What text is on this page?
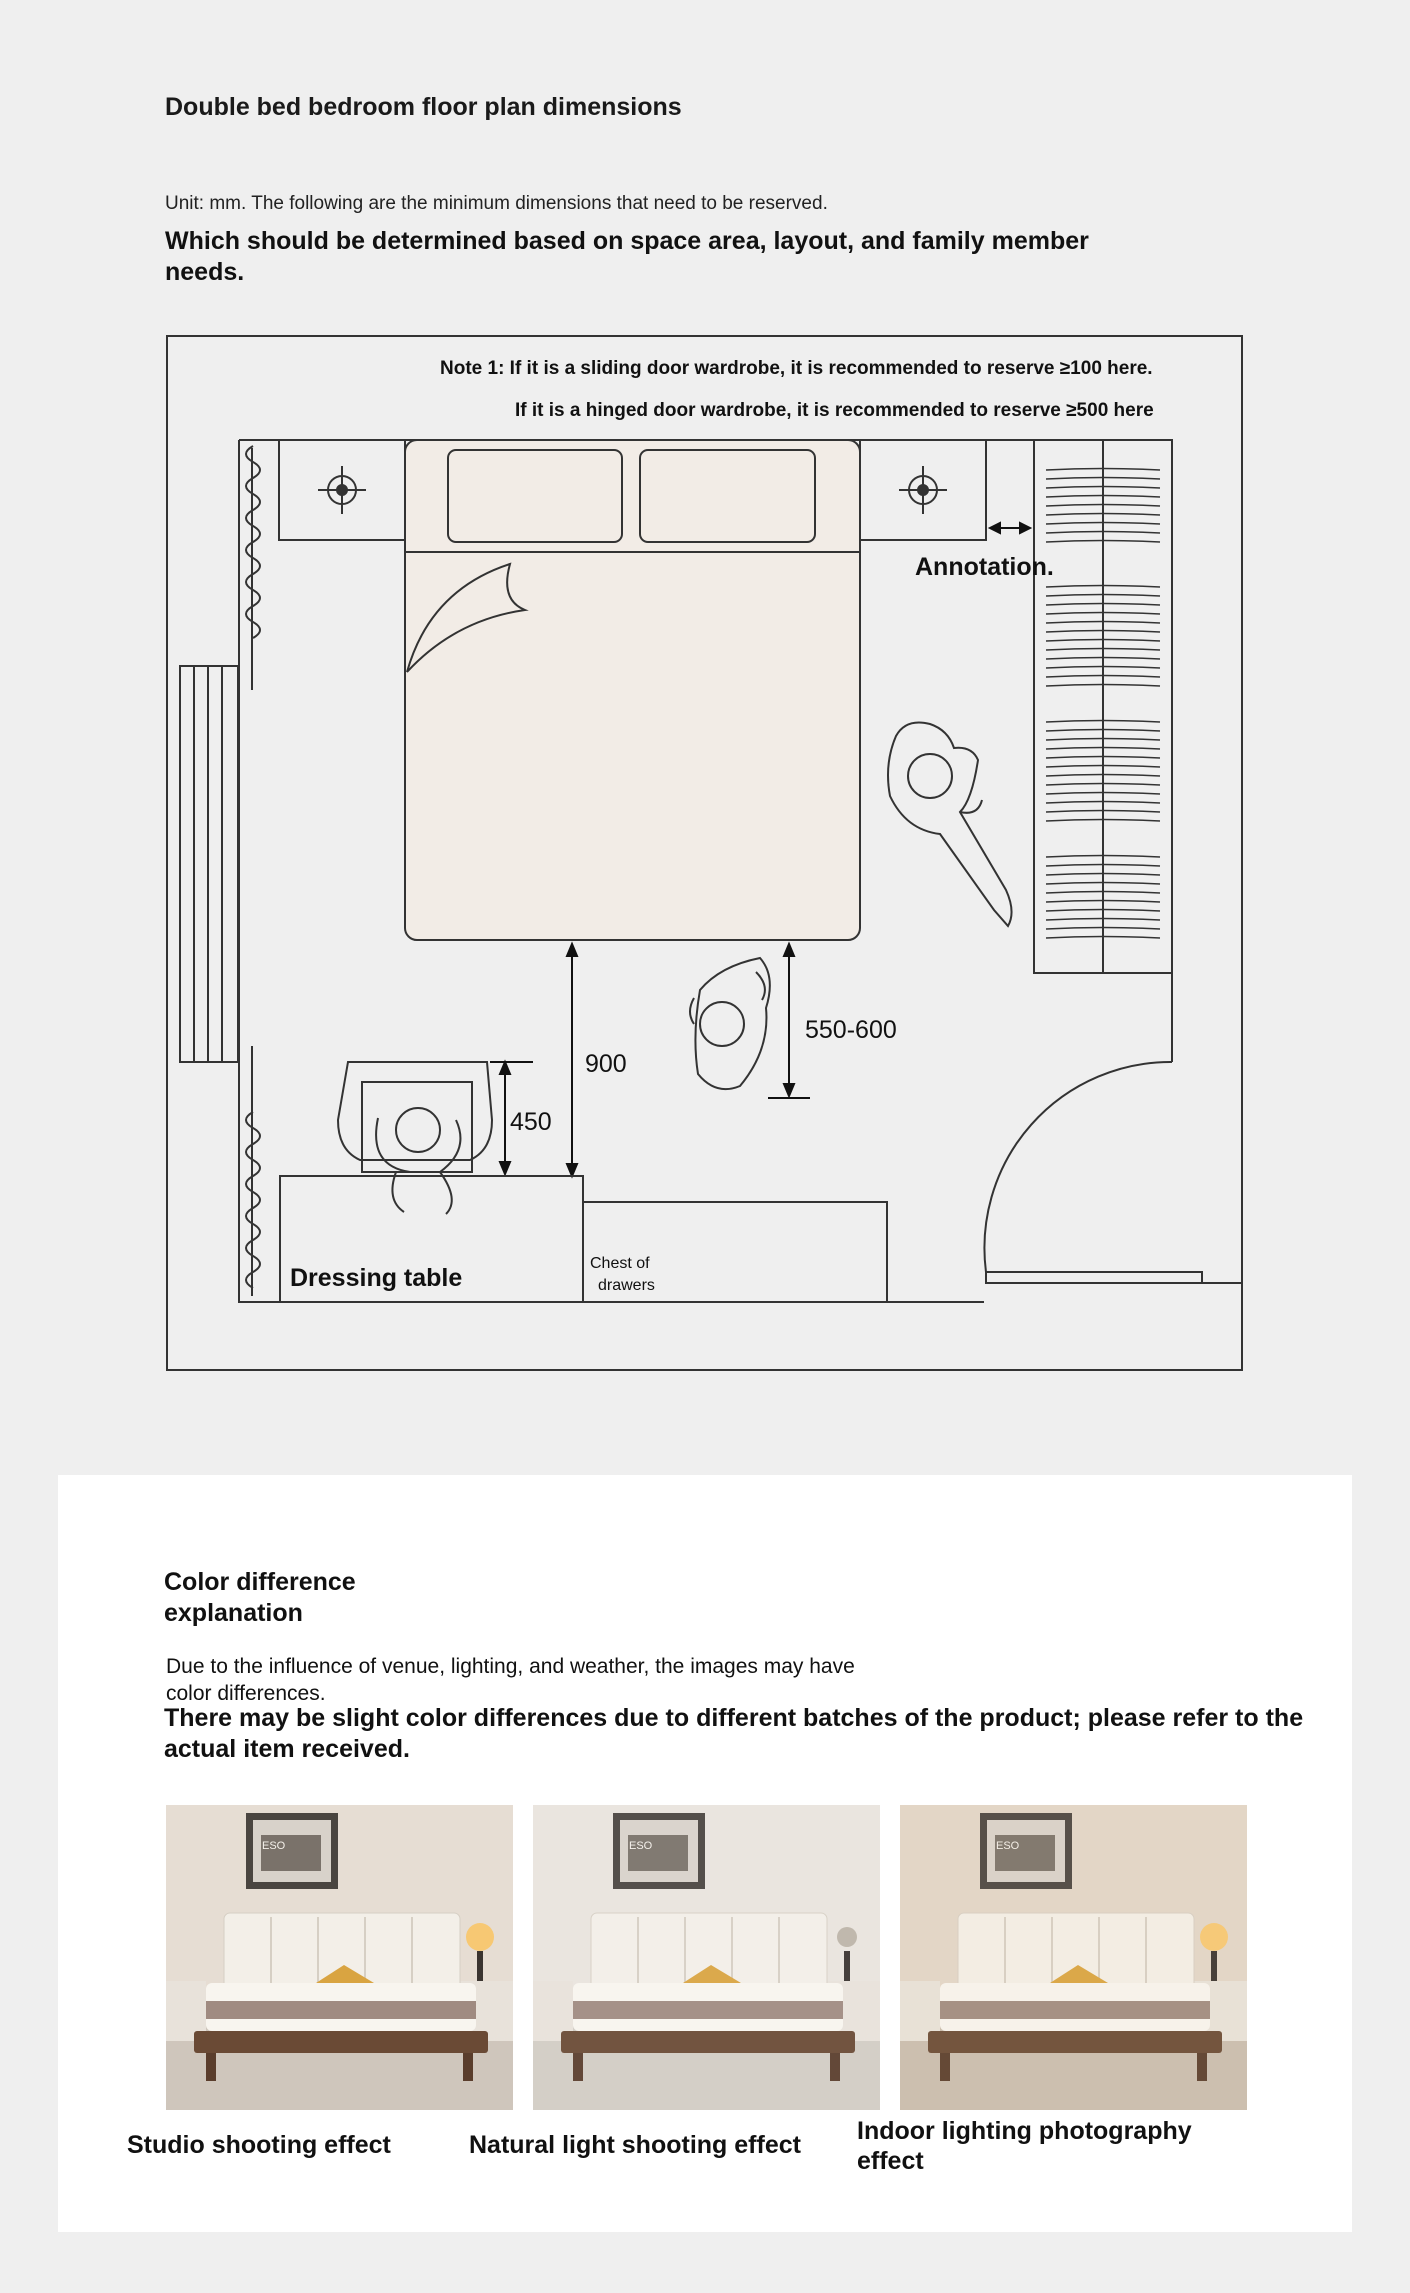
Double bed bedroom floor plan dimensions
Unit: mm. The following are the minimum dimensions that need to be reserved.
Which should be determined based on space area, layout, and family member needs.
Note 1: If it is a sliding door wardrobe, it is recommended to reserve ≥100 here.
If it is a hinged door wardrobe, it is recommended to reserve ≥500 here
Annotation.
900
450
550-600
Dressing table
Chest of
drawers
Color difference explanation
Due to the influence of venue, lighting, and weather, the images may have color differences.
There may be slight color differences due to different batches of the product; please refer to the actual item received.
ESO	ESO	ESO
Studio shooting effect	Natural light shooting effect Indoor lighting photography effect
